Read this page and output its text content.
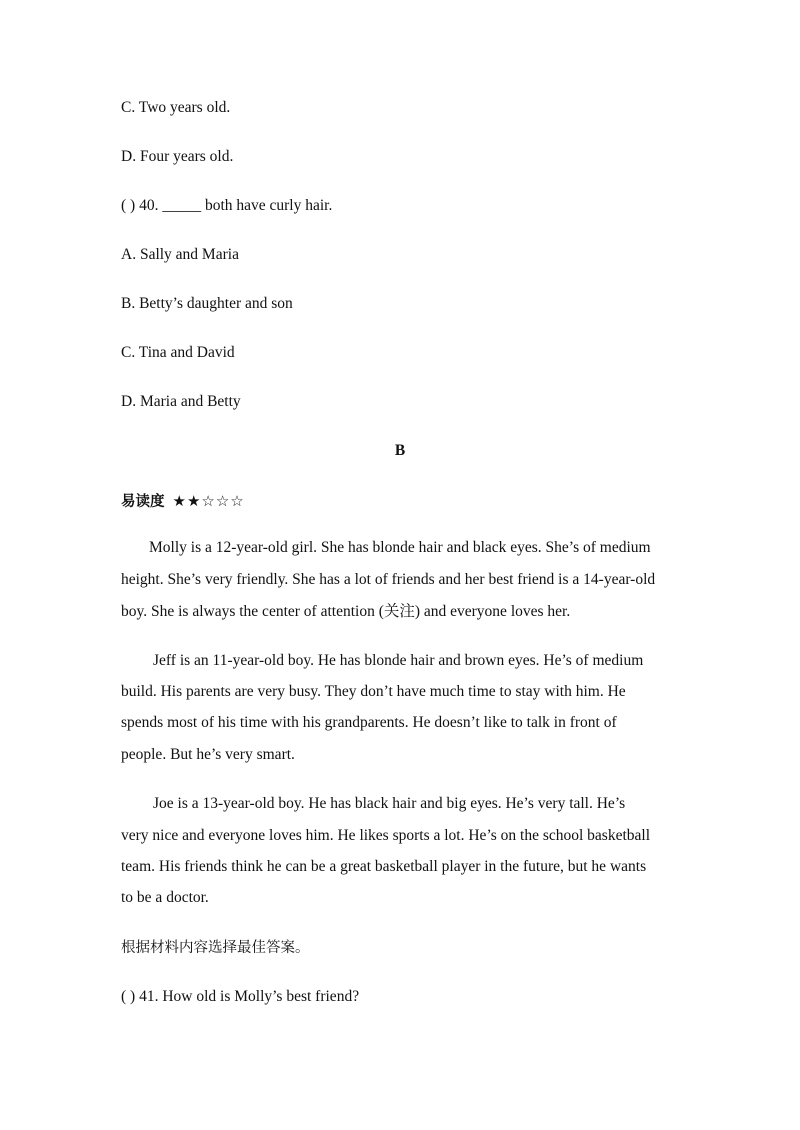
C. Two years old.
D. Four years old.
( ) 40. _____ both have curly hair.
A. Sally and Maria
B. Betty’s daughter and son
C. Tina and David
D. Maria and Betty
B
易读度 ★★☆☆☆
Molly is a 12-year-old girl. She has blonde hair and black eyes. She’s of medium
height. She’s very friendly. She has a lot of friends and her best friend is a 14-year-old
boy. She is always the center of attention (关注) and everyone loves her.
Jeff is an 11-year-old boy. He has blonde hair and brown eyes. He’s of medium
build. His parents are very busy. They don’t have much time to stay with him. He
spends most of his time with his grandparents. He doesn’t like to talk in front of
people. But he’s very smart.
Joe is a 13-year-old boy. He has black hair and big eyes. He’s very tall. He’s
very nice and everyone loves him. He likes sports a lot. He’s on the school basketball
team. His friends think he can be a great basketball player in the future, but he wants
to be a doctor.
根据材料内容选择最佳答案。
( ) 41. How old is Molly’s best friend?
